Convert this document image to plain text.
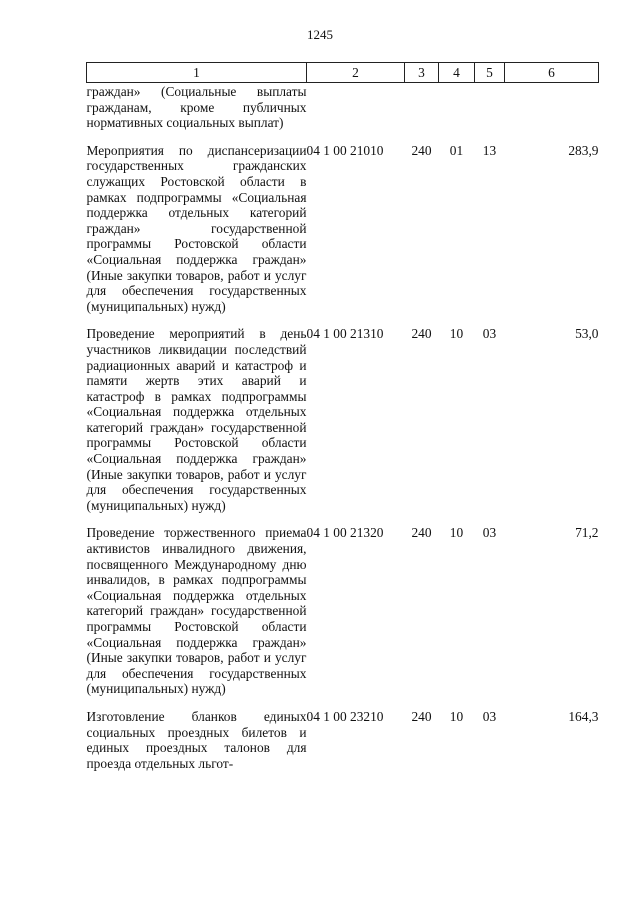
1245
1	2	3	4	5	6
граждан» (Социальные выплаты гражданам, кроме публичных нормативных социальных выплат)					

Мероприятия по диспансеризации государственных гражданских служащих Ростовской области в рамках подпрограммы «Социальная поддержка отдельных категорий граждан» государственной программы Ростовской области «Социальная поддержка граждан» (Иные закупки товаров, работ и услуг для обеспечения государственных (муниципальных) нужд)	04 1 00 21010	240	01	13	283,9

Проведение мероприятий в день участников ликвидации последствий радиационных аварий и катастроф и памяти жертв этих аварий и катастроф в рамках подпрограммы «Социальная поддержка отдельных категорий граждан» государственной программы Ростовской области «Социальная поддержка граждан» (Иные закупки товаров, работ и услуг для обеспечения государственных (муниципальных) нужд)	04 1 00 21310	240	10	03	53,0

Проведение торжественного приема активистов инвалидного движения, посвященного Международному дню инвалидов, в рамках подпрограммы «Социальная поддержка отдельных категорий граждан» государственной программы Ростовской области «Социальная поддержка граждан» (Иные закупки товаров, работ и услуг для обеспечения государственных (муниципальных) нужд)	04 1 00 21320	240	10	03	71,2

Изготовление бланков единых социальных проездных билетов и единых проездных талонов для проезда отдельных льгот-	04 1 00 23210	240	10	03	164,3
